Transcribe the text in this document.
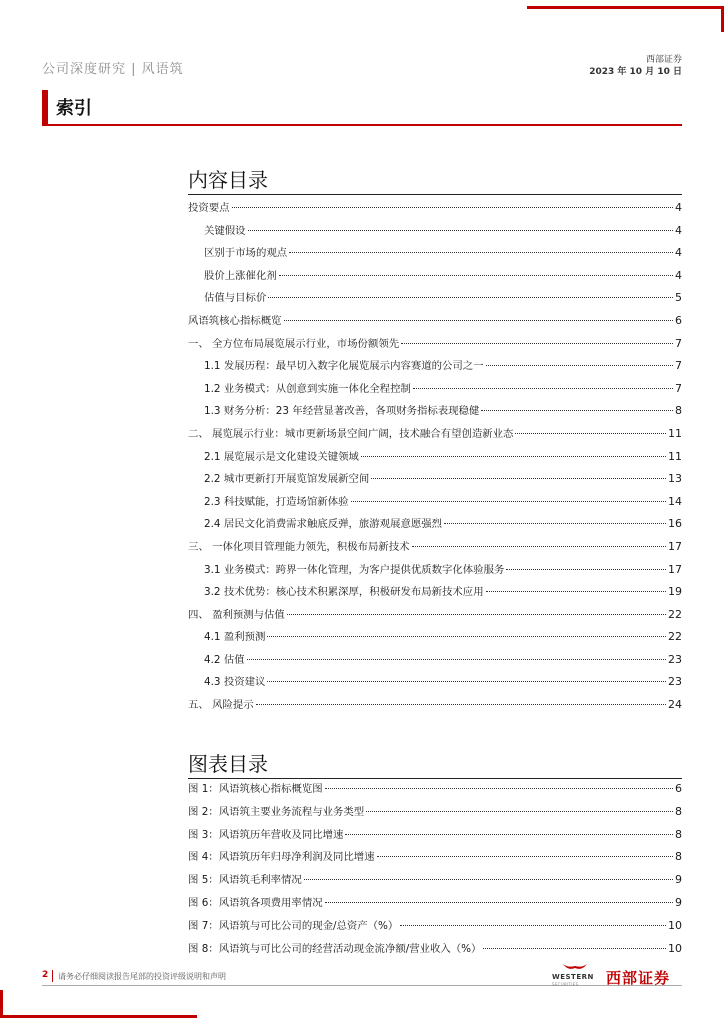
公司深度研究 | 风语筑
西部证券
2023 年 10 月 10 日
索引
内容目录
投资要点	4
关键假设	4
区别于市场的观点	4
股价上涨催化剂	4
估值与目标价	5
风语筑核心指标概览	6
一、 全方位布局展览展示行业，市场份额领先	7
1.1 发展历程：最早切入数字化展览展示内容赛道的公司之一	7
1.2 业务模式：从创意到实施一体化全程控制	7
1.3 财务分析：23 年经营显著改善，各项财务指标表现稳健	8
二、 展览展示行业：城市更新场景空间广阔，技术融合有望创造新业态	11
2.1 展览展示是文化建设关键领域	11
2.2 城市更新打开展览馆发展新空间	13
2.3 科技赋能，打造场馆新体验	14
2.4 居民文化消费需求触底反弹，旅游观展意愿强烈	16
三、 一体化项目管理能力领先，积极布局新技术	17
3.1 业务模式：跨界一体化管理，为客户提供优质数字化体验服务	17
3.2 技术优势：核心技术积累深厚，积极研发布局新技术应用	19
四、 盈利预测与估值	22
4.1 盈利预测	22
4.2 估值	23
4.3 投资建议	23
五、 风险提示	24
图表目录
图 1：风语筑核心指标概览图	6
图 2：风语筑主要业务流程与业务类型	8
图 3：风语筑历年营收及同比增速	8
图 4：风语筑历年归母净利润及同比增速	8
图 5：风语筑毛利率情况	9
图 6：风语筑各项费用率情况	9
图 7：风语筑与可比公司的现金/总资产（%）	10
图 8：风语筑与可比公司的经营活动现金流净额/营业收入（%）	10
2 请务必仔细阅读报告尾部的投资评级说明和声明	WESTERN
SECURITIES 西部证券
